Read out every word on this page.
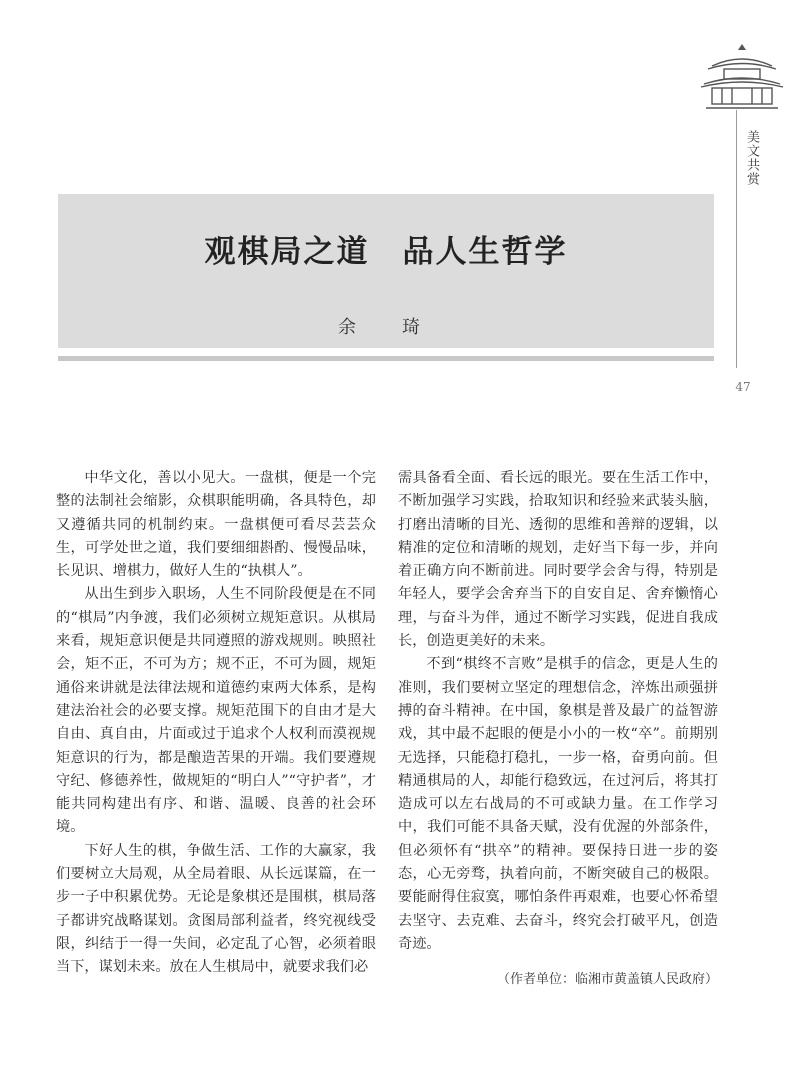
美文共赏
47
观棋局之道　品人生哲学
余　琦

中华文化，善以小见大。一盘棋，便是一个完整的法制社会缩影，众棋职能明确，各具特色，却又遵循共同的机制约束。一盘棋便可看尽芸芸众生，可学处世之道，我们要细细斟酌、慢慢品味，长见识、增棋力，做好人生的“执棋人”。

从出生到步入职场，人生不同阶段便是在不同的“棋局”内争渡，我们必须树立规矩意识。从棋局来看，规矩意识便是共同遵照的游戏规则。映照社会，矩不正，不可为方；规不正，不可为圆，规矩通俗来讲就是法律法规和道德约束两大体系，是构建法治社会的必要支撑。规矩范围下的自由才是大自由、真自由，片面或过于追求个人权利而漠视规矩意识的行为，都是酿造苦果的开端。我们要遵规守纪、修德养性，做规矩的“明白人”“守护者”，才能共同构建出有序、和谐、温暖、良善的社会环境。

下好人生的棋，争做生活、工作的大赢家，我们要树立大局观，从全局着眼、从长远谋篇，在一步一子中积累优势。无论是象棋还是围棋，棋局落子都讲究战略谋划。贪图局部利益者，终究视线受限，纠结于一得一失间，必定乱了心智，必须着眼当下，谋划未来。放在人生棋局中，就要求我们必

需具备看全面、看长远的眼光。要在生活工作中，不断加强学习实践，拾取知识和经验来武装头脑，打磨出清晰的目光、透彻的思维和善辩的逻辑，以精准的定位和清晰的规划，走好当下每一步，并向着正确方向不断前进。同时要学会舍与得，特别是年轻人，要学会舍弃当下的自安自足、舍弃懒惰心理，与奋斗为伴，通过不断学习实践，促进自我成长，创造更美好的未来。

不到“棋终不言败”是棋手的信念，更是人生的准则，我们要树立坚定的理想信念，淬炼出顽强拼搏的奋斗精神。在中国，象棋是普及最广的益智游戏，其中最不起眼的便是小小的一枚“卒”。前期别无选择，只能稳打稳扎，一步一格，奋勇向前。但精通棋局的人，却能行稳致远，在过河后，将其打造成可以左右战局的不可或缺力量。在工作学习中，我们可能不具备天赋，没有优渥的外部条件，但必须怀有“拱卒”的精神。要保持日进一步的姿态，心无旁骛，执着向前，不断突破自己的极限。要能耐得住寂寞，哪怕条件再艰难，也要心怀希望去坚守、去克难、去奋斗，终究会打破平凡，创造奇迹。

（作者单位：临湘市黄盖镇人民政府）
